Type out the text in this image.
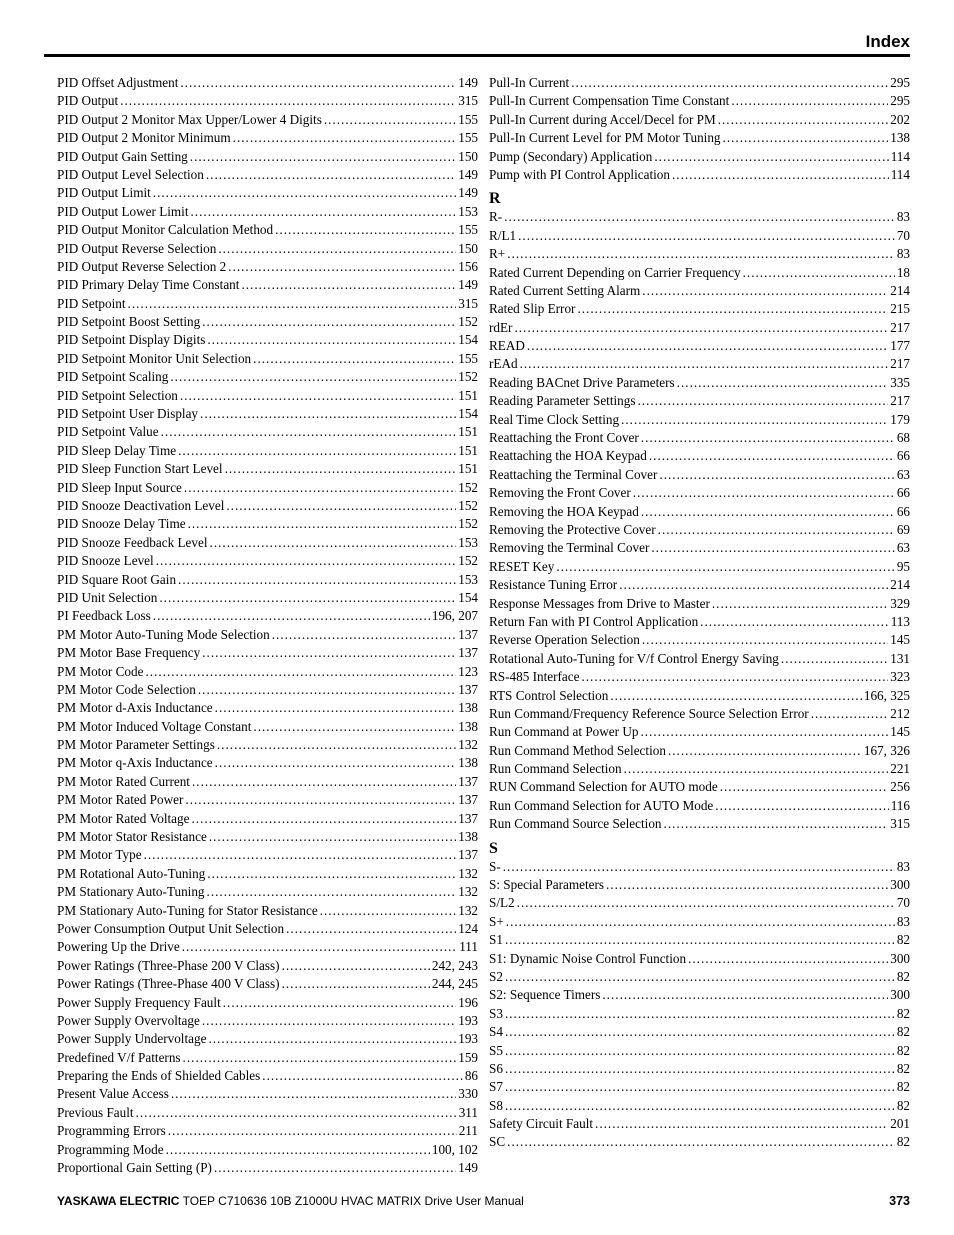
Index
PID Offset Adjustment .....	149
PID Output .....	315
PID Output 2 Monitor Max Upper/Lower 4 Digits .....	155
PID Output 2 Monitor Minimum .....	155
PID Output Gain Setting .....	150
PID Output Level Selection .....	149
PID Output Limit .....	149
PID Output Lower Limit .....	153
PID Output Monitor Calculation Method .....	155
PID Output Reverse Selection .....	150
PID Output Reverse Selection 2 .....	156
PID Primary Delay Time Constant .....	149
PID Setpoint .....	315
PID Setpoint Boost Setting .....	152
PID Setpoint Display Digits .....	154
PID Setpoint Monitor Unit Selection .....	155
PID Setpoint Scaling .....	152
PID Setpoint Selection .....	151
PID Setpoint User Display .....	154
PID Setpoint Value .....	151
PID Sleep Delay Time .....	151
PID Sleep Function Start Level .....	151
PID Sleep Input Source .....	152
PID Snooze Deactivation Level .....	152
PID Snooze Delay Time .....	152
PID Snooze Feedback Level .....	153
PID Snooze Level .....	152
PID Square Root Gain .....	153
PID Unit Selection .....	154
PI Feedback Loss .....	196, 207
PM Motor Auto-Tuning Mode Selection .....	137
PM Motor Base Frequency .....	137
PM Motor Code .....	123
PM Motor Code Selection .....	137
PM Motor d-Axis Inductance .....	138
PM Motor Induced Voltage Constant .....	138
PM Motor Parameter Settings .....	132
PM Motor q-Axis Inductance .....	138
PM Motor Rated Current .....	137
PM Motor Rated Power .....	137
PM Motor Rated Voltage .....	137
PM Motor Stator Resistance .....	138
PM Motor Type .....	137
PM Rotational Auto-Tuning .....	132
PM Stationary Auto-Tuning .....	132
PM Stationary Auto-Tuning for Stator Resistance .....	132
Power Consumption Output Unit Selection .....	124
Powering Up the Drive .....	111
Power Ratings (Three-Phase 200 V Class) .....	242, 243
Power Ratings (Three-Phase 400 V Class) .....	244, 245
Power Supply Frequency Fault .....	196
Power Supply Overvoltage .....	193
Power Supply Undervoltage .....	193
Predefined V/f Patterns .....	159
Preparing the Ends of Shielded Cables .....	86
Present Value Access .....	330
Previous Fault .....	311
Programming Errors .....	211
Programming Mode .....	100, 102
Proportional Gain Setting (P) .....	149
Pull-In Current .....	295
Pull-In Current Compensation Time Constant .....	295
Pull-In Current during Accel/Decel for PM .....	202
Pull-In Current Level for PM Motor Tuning .....	138
Pump (Secondary) Application .....	114
Pump with PI Control Application .....	114
R
R- .....	83
R/L1 .....	70
R+ .....	83
Rated Current Depending on Carrier Frequency .....	18
Rated Current Setting Alarm .....	214
Rated Slip Error .....	215
rdEr .....	217
READ .....	177
rEAd .....	217
Reading BACnet Drive Parameters .....	335
Reading Parameter Settings .....	217
Real Time Clock Setting .....	179
Reattaching the Front Cover .....	68
Reattaching the HOA Keypad .....	66
Reattaching the Terminal Cover .....	63
Removing the Front Cover .....	66
Removing the HOA Keypad .....	66
Removing the Protective Cover .....	69
Removing the Terminal Cover .....	63
RESET Key .....	95
Resistance Tuning Error .....	214
Response Messages from Drive to Master .....	329
Return Fan with PI Control Application .....	113
Reverse Operation Selection .....	145
Rotational Auto-Tuning for V/f Control Energy Saving .....	131
RS-485 Interface .....	323
RTS Control Selection .....	166, 325
Run Command/Frequency Reference Source Selection Error .....	212
Run Command at Power Up .....	145
Run Command Method Selection .....	167, 326
Run Command Selection .....	221
RUN Command Selection for AUTO mode .....	256
Run Command Selection for AUTO Mode .....	116
Run Command Source Selection .....	315
S
S- .....	83
S: Special Parameters .....	300
S/L2 .....	70
S+ .....	83
S1 .....	82
S1: Dynamic Noise Control Function .....	300
S2 .....	82
S2: Sequence Timers .....	300
S3 .....	82
S4 .....	82
S5 .....	82
S6 .....	82
S7 .....	82
S8 .....	82
Safety Circuit Fault .....	201
SC .....	82
YASKAWA ELECTRIC TOEP C710636 10B Z1000U HVAC MATRIX Drive User Manual	373
